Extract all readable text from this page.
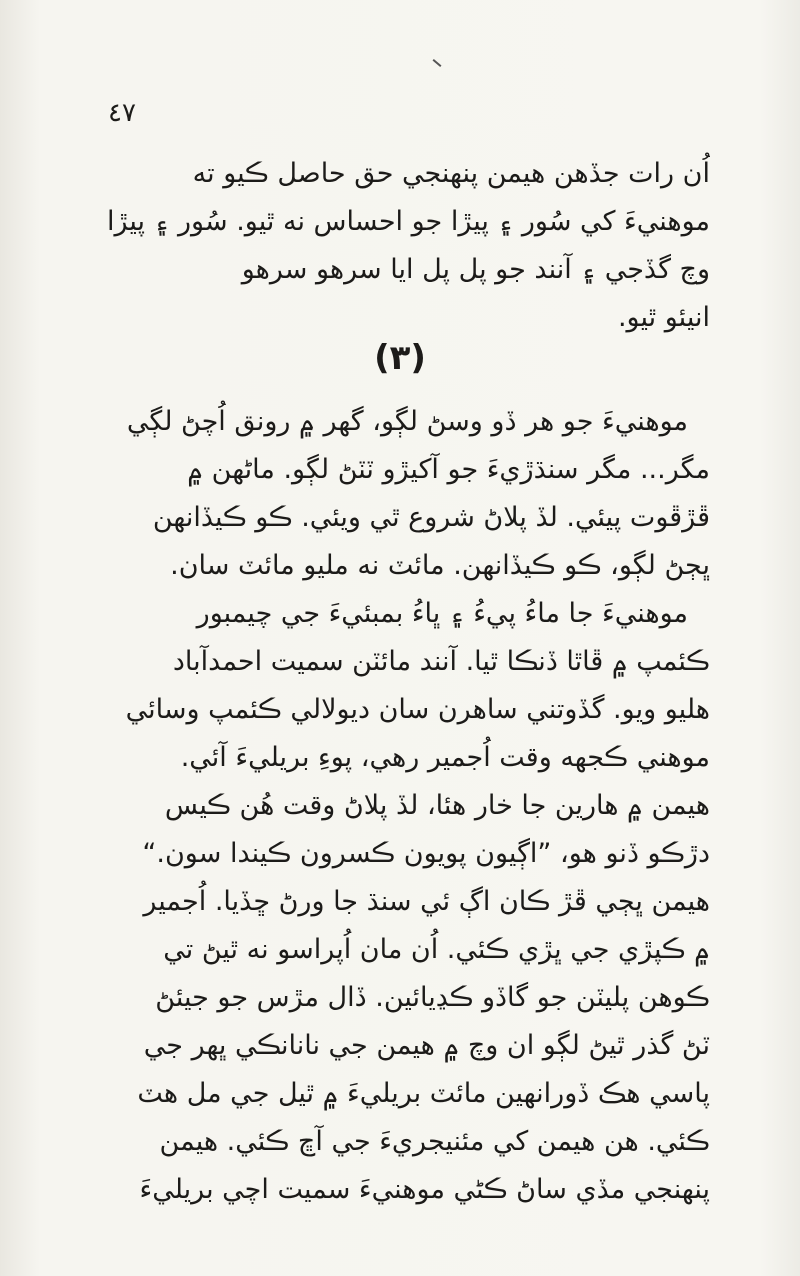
٤٧
اُن رات جڏهن هيمن پنهنجي حق حاصل ڪيو ته
موهنيءَ کي سُور ۽ پيڙا جو احساس نه ٿيو. سُور ۽ پيڙا
وچ گڏجي ۽ آنند جو پل پل ايا سرهو سرهو
انيئو ٿيو.
(٣)
موهنيءَ جو هر ڏو وسڻ لڳو، گهر ۾ رونق اُچڻ لڳي
مگر... مگر سنڌڙيءَ جو آکيڙو ٽٽڻ لڳو. ماڻهن ۾
ڦڙڦوت پيئي. لڏ پلاڻ شروع ٿي ويئي. ڪو ڪيڏانهن
ڀڄڻ لڳو، ڪو ڪيڏانهن. مائٽ نه مليو مائٽ سان.
موهنيءَ جا ماءُ پيءُ ۽ ڀاءُ بمبئيءَ جي چيمبور
ڪئمپ ۾ ڦاٿا ڏنڪا ٿيا. آنند مائٽن سميت احمدآباد
هليو ويو. گڏوتني ساهرن سان ديولالي ڪئمپ وسائي
موهني ڪجهه وقت اُجمير رهي، پوءِ بريليءَ آئي.
هيمن ۾ هارين جا خار هئا، لڏ پلاڻ وقت هُن ڪيس
دڙڪو ڏنو هو، ”اڳيون پويون ڪسرون ڪيندا سون.“
هيمن ڀڄي ڦڙ ڪان اڳ ئي سنڌ جا ورڻ ڇڏيا. اُجمير
۾ ڪپڙي جي ڀڙي ڪئي. اُن مان اُپراسو نه ٿيڻ تي
ڪوهن پليٽن جو گاڏو ڪڍيائين. ڏال مڙس جو جيئڻ
ٽڻ گذر ٿيڻ لڳو ان وچ ۾ هيمن جي نانانڪي ڀهر جي
پاسي هڪ ڏورانهين مائٽ بريليءَ ۾ ٿيل جي مل هٽ
ڪئي. هن هيمن کي مئنيجريءَ جي آڇ ڪئي. هيمن
پنهنجي مڏي ساڻ ڪڻي موهنيءَ سميت اچي بريليءَ
